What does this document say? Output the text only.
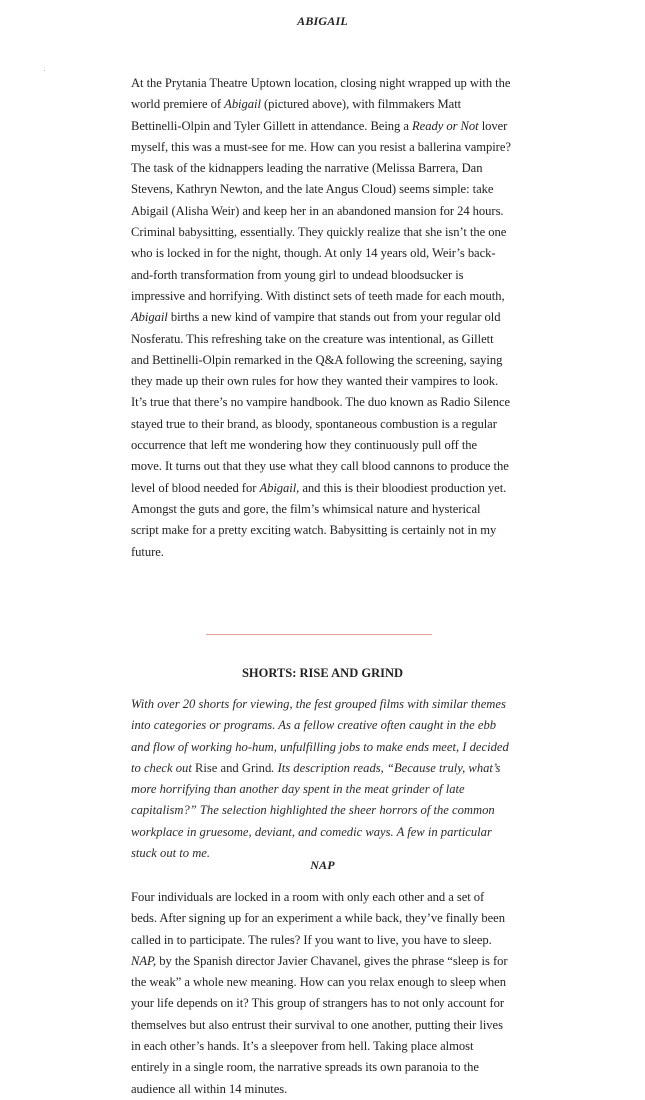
ABIGAIL

At the Prytania Theatre Uptown location, closing night wrapped up with the world premiere of Abigail (pictured above), with filmmakers Matt Bettinelli-Olpin and Tyler Gillett in attendance. Being a Ready or Not lover myself, this was a must-see for me. How can you resist a ballerina vampire? The task of the kidnappers leading the narrative (Melissa Barrera, Dan Stevens, Kathryn Newton, and the late Angus Cloud) seems simple: take Abigail (Alisha Weir) and keep her in an abandoned mansion for 24 hours. Criminal babysitting, essentially. They quickly realize that she isn’t the one who is locked in for the night, though. At only 14 years old, Weir’s back-and-forth transformation from young girl to undead bloodsucker is impressive and horrifying. With distinct sets of teeth made for each mouth, Abigail births a new kind of vampire that stands out from your regular old Nosferatu. This refreshing take on the creature was intentional, as Gillett and Bettinelli-Olpin remarked in the Q&A following the screening, saying they made up their own rules for how they wanted their vampires to look. It’s true that there’s no vampire handbook. The duo known as Radio Silence stayed true to their brand, as bloody, spontaneous combustion is a regular occurrence that left me wondering how they continuously pull off the move. It turns out that they use what they call blood cannons to produce the level of blood needed for Abigail, and this is their bloodiest production yet. Amongst the guts and gore, the film’s whimsical nature and hysterical script make for a pretty exciting watch. Babysitting is certainly not in my future.

SHORTS: RISE AND GRIND

With over 20 shorts for viewing, the fest grouped films with similar themes into categories or programs. As a fellow creative often caught in the ebb and flow of working ho-hum, unfulfilling jobs to make ends meet, I decided to check out Rise and Grind. Its description reads, “Because truly, what’s more horrifying than another day spent in the meat grinder of late capitalism?” The selection highlighted the sheer horrors of the common workplace in gruesome, deviant, and comedic ways. A few in particular stuck out to me.

NAP

Four individuals are locked in a room with only each other and a set of beds. After signing up for an experiment a while back, they’ve finally been called in to participate. The rules? If you want to live, you have to sleep. NAP, by the Spanish director Javier Chavanel, gives the phrase “sleep is for the weak” a whole new meaning. How can you relax enough to sleep when your life depends on it? This group of strangers has to not only account for themselves but also entrust their survival to one another, putting their lives in each other’s hands. It’s a sleepover from hell. Taking place almost entirely in a single room, the narrative spreads its own paranoia to the audience all within 14 minutes.
